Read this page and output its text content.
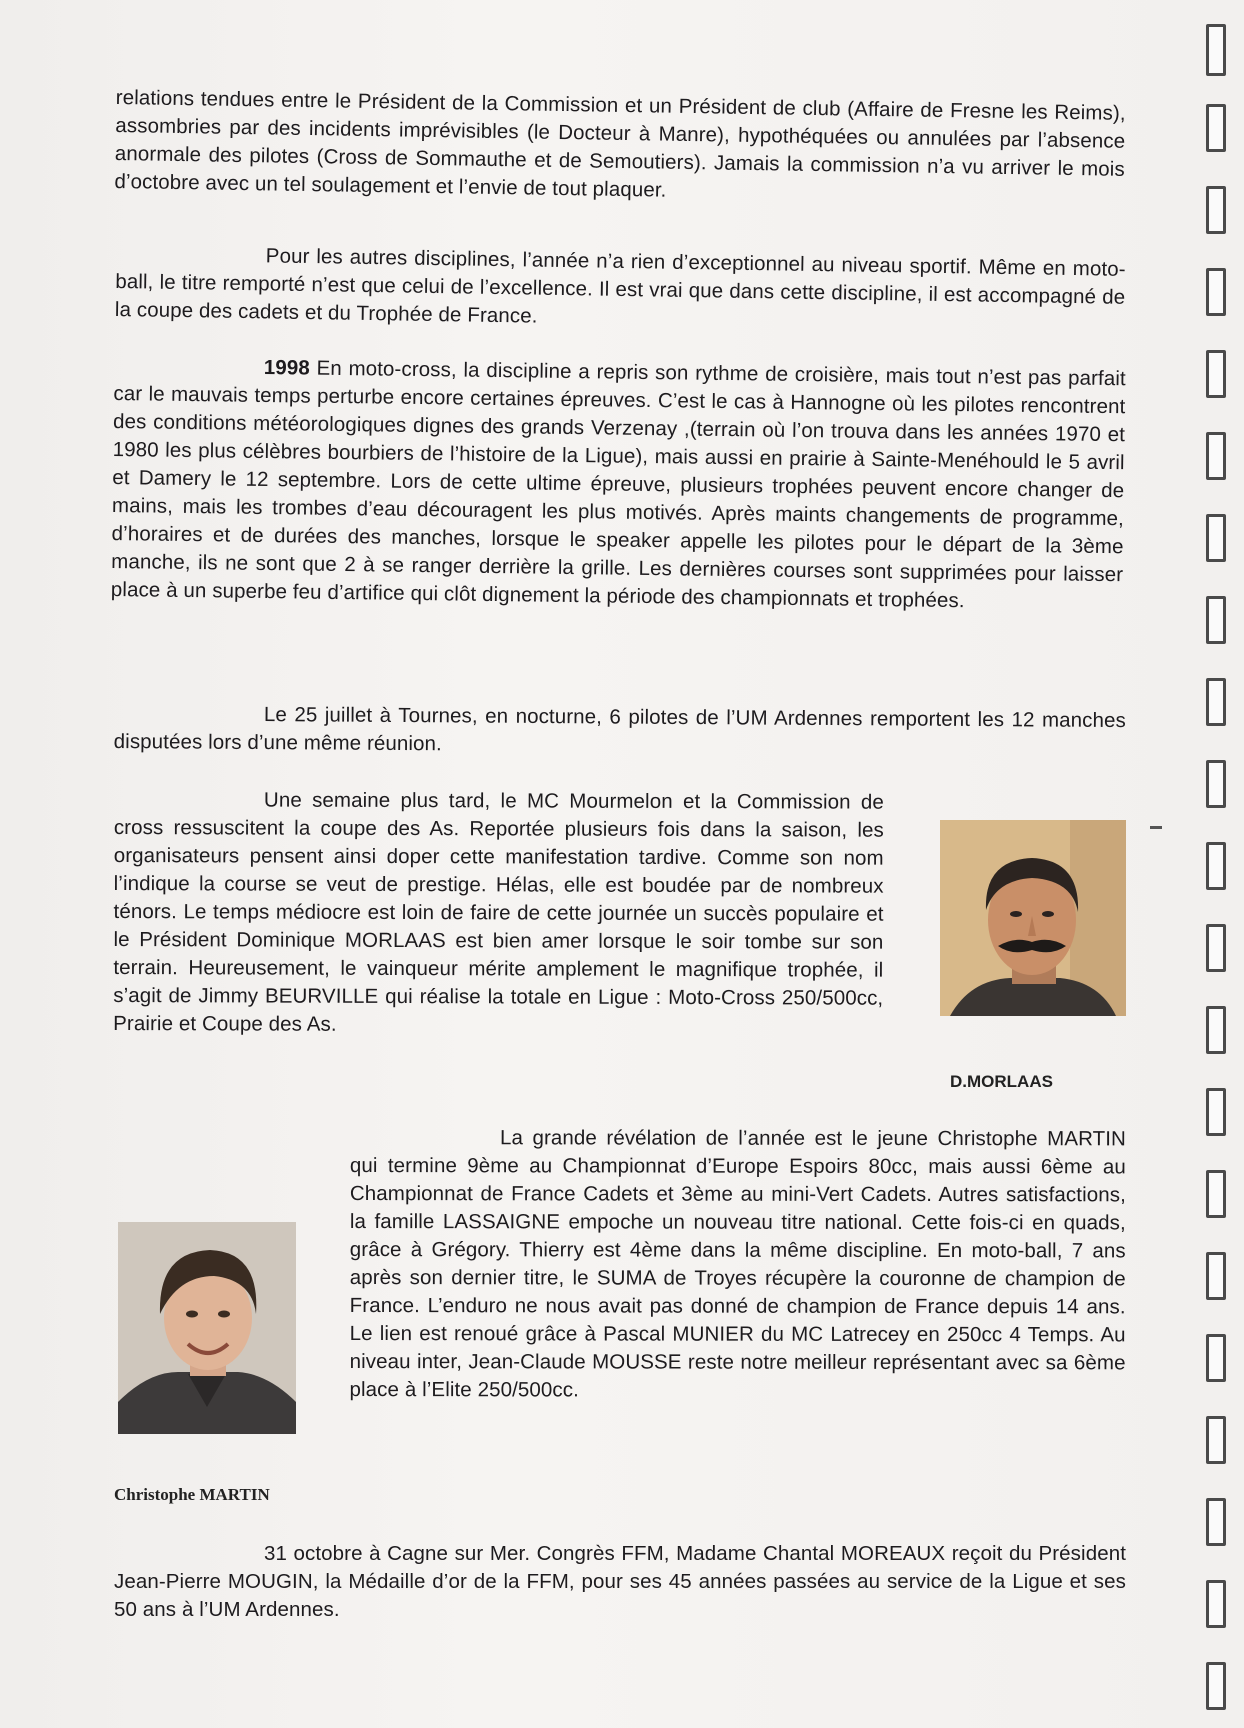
relations tendues entre le Président de la Commission et un Président de club (Affaire de Fresne les Reims), assombries par des incidents imprévisibles (le Docteur à Manre), hypothéquées ou annulées par l’absence anormale des pilotes (Cross de Sommauthe et de Semoutiers). Jamais la commission n’a vu arriver le mois d’octobre avec un tel soulagement et l’envie de tout plaquer.

Pour les autres disciplines, l’année n’a rien d’exceptionnel au niveau sportif. Même en moto-ball, le titre remporté n’est que celui de l’excellence. Il est vrai que dans cette discipline, il est accompagné de la coupe des cadets et du Trophée de France.

1998 En moto-cross, la discipline a repris son rythme de croisière, mais tout n’est pas parfait car le mauvais temps perturbe encore certaines épreuves. C’est le cas à Hannogne où les pilotes rencontrent des conditions météorologiques dignes des grands Verzenay ,(terrain où l’on trouva dans les années 1970 et 1980 les plus célèbres bourbiers de l’histoire de la Ligue), mais aussi en prairie à Sainte-Menéhould le 5 avril et Damery le 12 septembre. Lors de cette ultime épreuve, plusieurs trophées peuvent encore changer de mains, mais les trombes d’eau découragent les plus motivés. Après maints changements de programme, d’horaires et de durées des manches, lorsque le speaker appelle les pilotes pour le départ de la 3ème manche, ils ne sont que 2 à se ranger derrière la grille. Les dernières courses sont supprimées pour laisser place à un superbe feu d’artifice qui clôt dignement la période des championnats et trophées.

Le 25 juillet à Tournes, en nocturne, 6 pilotes de l’UM Ardennes remportent les 12 manches disputées lors d’une même réunion.

Une semaine plus tard, le MC Mourmelon et la Commission de cross ressuscitent la coupe des As. Reportée plusieurs fois dans la saison, les organisateurs pensent ainsi doper cette manifestation tardive. Comme son nom l’indique la course se veut de prestige. Hélas, elle est boudée par de nombreux ténors. Le temps médiocre est loin de faire de cette journée un succès populaire et le Président Dominique MORLAAS est bien amer lorsque le soir tombe sur son terrain. Heureusement, le vainqueur mérite amplement le magnifique trophée, il s’agit de Jimmy BEURVILLE qui réalise la totale en Ligue : Moto-Cross 250/500cc, Prairie et Coupe des As.

D.MORLAAS

La grande révélation de l’année est le jeune Christophe MARTIN qui termine 9ème au Championnat d’Europe Espoirs 80cc, mais aussi 6ème au Championnat de France Cadets et 3ème au mini-Vert Cadets. Autres satisfactions, la famille LASSAIGNE empoche un nouveau titre national. Cette fois-ci en quads, grâce à Grégory. Thierry est 4ème dans la même discipline. En moto-ball, 7 ans après son dernier titre, le SUMA de Troyes récupère la couronne de champion de France. L’enduro ne nous avait pas donné de champion de France depuis 14 ans. Le lien est renoué grâce à Pascal MUNIER du MC Latrecey en 250cc 4 Temps. Au niveau inter, Jean-Claude MOUSSE reste notre meilleur représentant avec sa 6ème place à l’Elite 250/500cc.

Christophe MARTIN

31 octobre à Cagne sur Mer. Congrès FFM, Madame Chantal MOREAUX reçoit du Président Jean-Pierre MOUGIN, la Médaille d’or de la FFM, pour ses 45 années passées au service de la Ligue et ses 50 ans à l’UM Ardennes.
